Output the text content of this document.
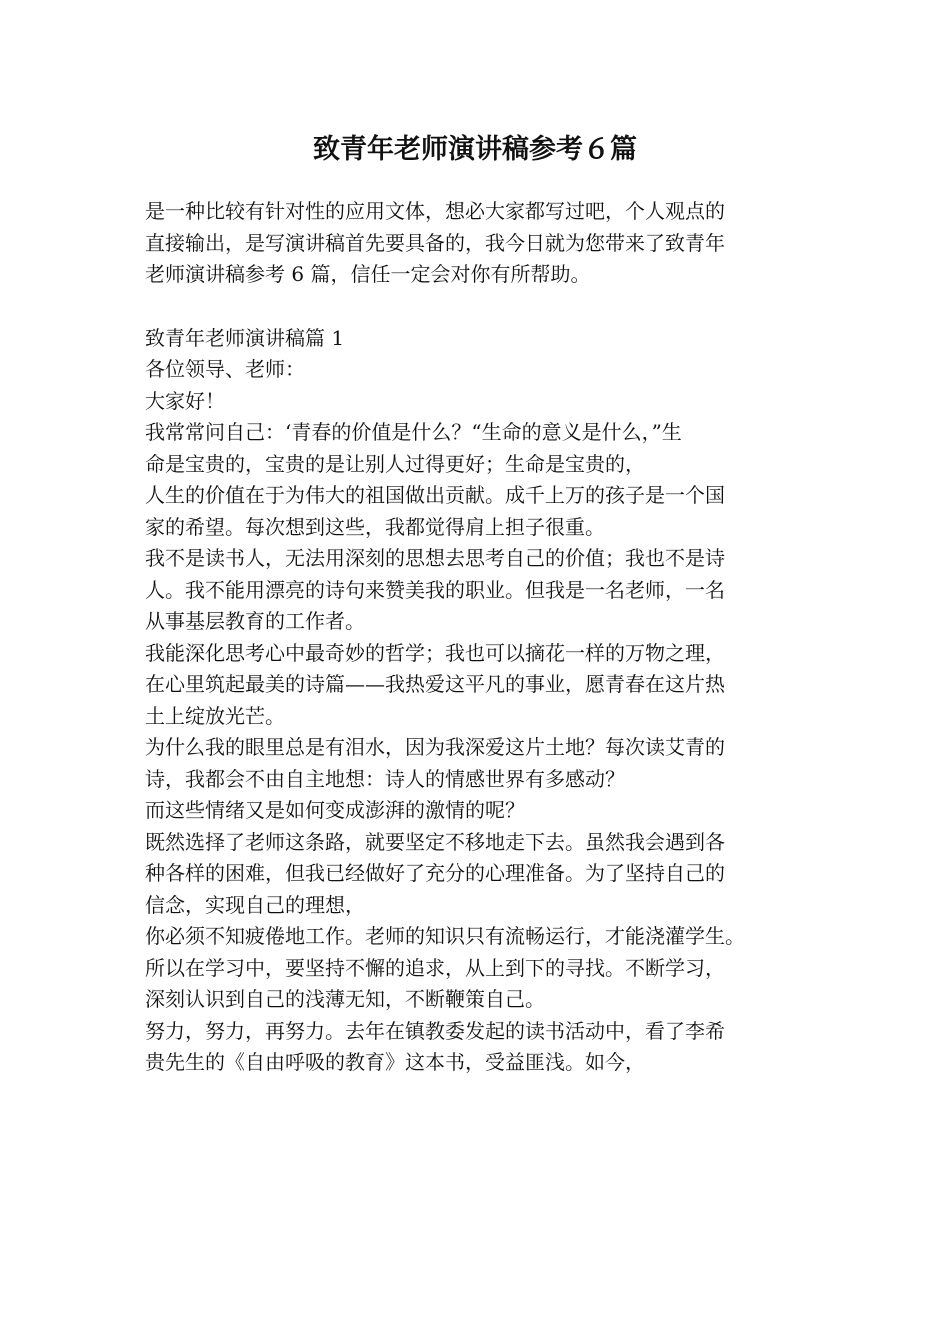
致青年老师演讲稿参考６篇

是一种比较有针对性的应用文体，想必大家都写过吧，个人观点的

直接输出，是写演讲稿首先要具备的，我今日就为您带来了致青年

老师演讲稿参考 6 篇，信任一定会对你有所帮助。

致青年老师演讲稿篇 1

各位领导、老师：

大家好！

我常常问自己：‘青春的价值是什么？“生命的意义是什么，”生

命是宝贵的，宝贵的是让别人过得更好；生命是宝贵的，

人生的价值在于为伟大的祖国做出贡献。成千上万的孩子是一个国

家的希望。每次想到这些，我都觉得肩上担子很重。

我不是读书人，无法用深刻的思想去思考自己的价值；我也不是诗

人。我不能用漂亮的诗句来赞美我的职业。但我是一名老师，一名

从事基层教育的工作者。

我能深化思考心中最奇妙的哲学；我也可以摘花一样的万物之理，

在心里筑起最美的诗篇——我热爱这平凡的事业，愿青春在这片热

土上绽放光芒。

为什么我的眼里总是有泪水，因为我深爱这片土地？每次读艾青的

诗，我都会不由自主地想：诗人的情感世界有多感动？

而这些情绪又是如何变成澎湃的激情的呢？

既然选择了老师这条路，就要坚定不移地走下去。虽然我会遇到各

种各样的困难，但我已经做好了充分的心理准备。为了坚持自己的

信念，实现自己的理想，

你必须不知疲倦地工作。老师的知识只有流畅运行，才能浇灌学生。

所以在学习中，要坚持不懈的追求，从上到下的寻找。不断学习，

深刻认识到自己的浅薄无知，不断鞭策自己。

努力，努力，再努力。去年在镇教委发起的读书活动中，看了李希

贵先生的《自由呼吸的教育》这本书，受益匪浅。如今，
